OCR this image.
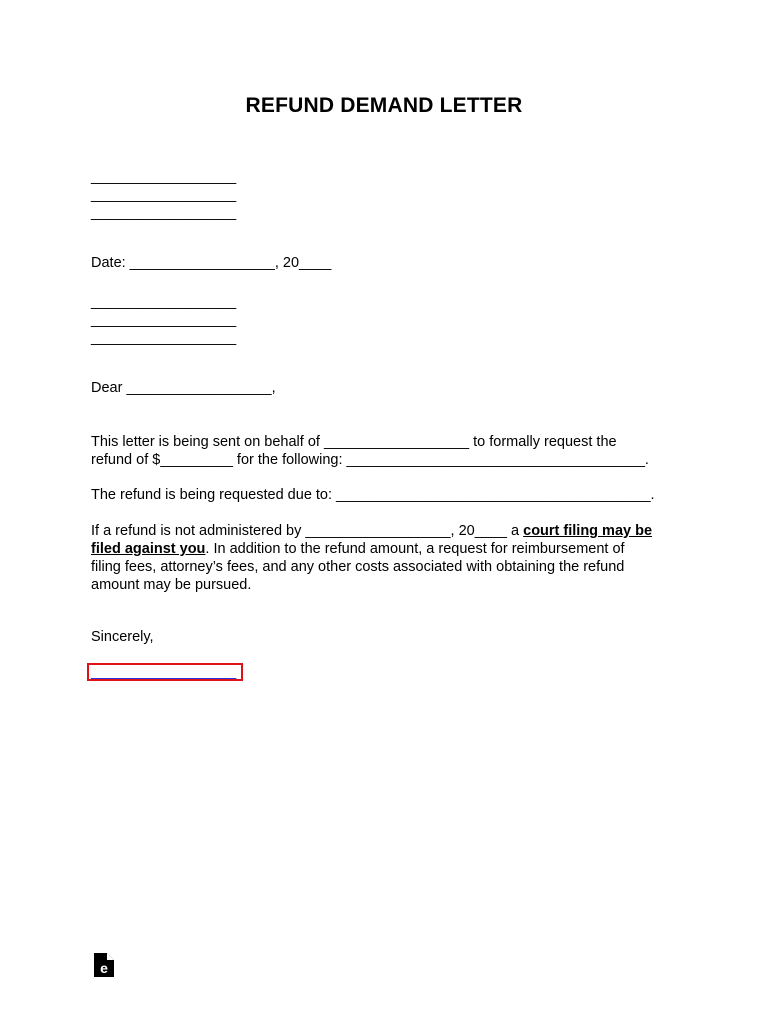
REFUND DEMAND LETTER
__________________
__________________
__________________
Date: __________________, 20____
__________________
__________________
__________________
Dear __________________,
This letter is being sent on behalf of __________________ to formally request the
refund of $_________ for the following: _____________________________________.
The refund is being requested due to: _______________________________________.
If a refund is not administered by __________________, 20____ a court filing may be
filed against you. In addition to the refund amount, a request for reimbursement of
filing fees, attorney’s fees, and any other costs associated with obtaining the refund
amount may be pursued.
Sincerely,
__________________
e
